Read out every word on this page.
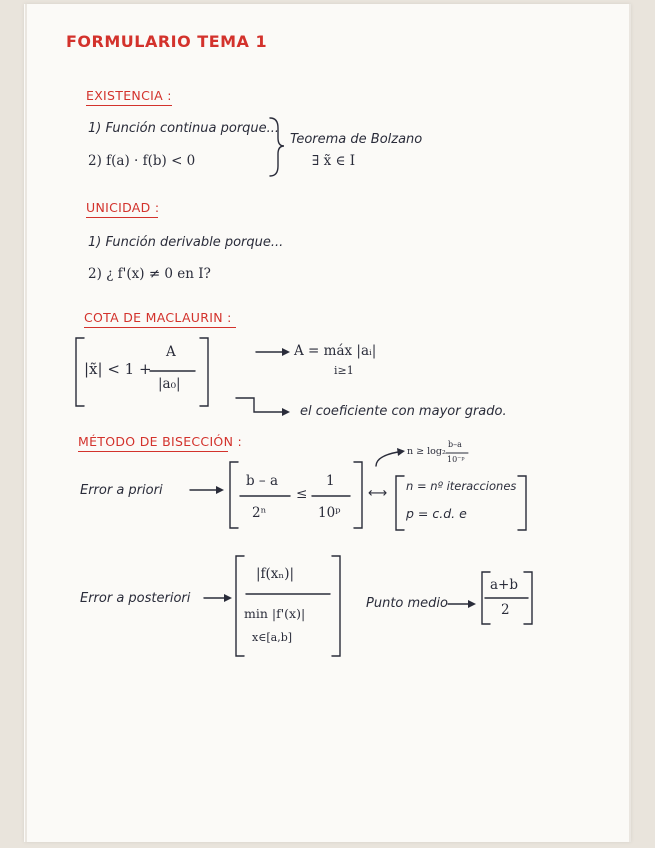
FORMULARIO TEMA 1
EXISTENCIA :
1) Función continua porque...
2) f(a) · f(b) < 0
Teorema de Bolzano
∃ x̃ ∈ I
UNICIDAD :
1) Función derivable porque...
2) ¿ f'(x) ≠ 0 en I?
COTA DE MACLAURIN :
|x̃| < 1 +
A
|a₀|
A = máx |aᵢ|
i≥1
el coeficiente con mayor grado.
MÉTODO DE BISECCIÓN :
n ≥ log₂
b–a
10⁻ᵖ
Error a priori
b – a
2ⁿ
≤
1
10ᵖ
⟷ n = nº iteracciones
p = c.d. e
Error a posteriori
|f(xₙ)|
min |f'(x)|
x∈[a,b]
Punto medio
a+b
2
